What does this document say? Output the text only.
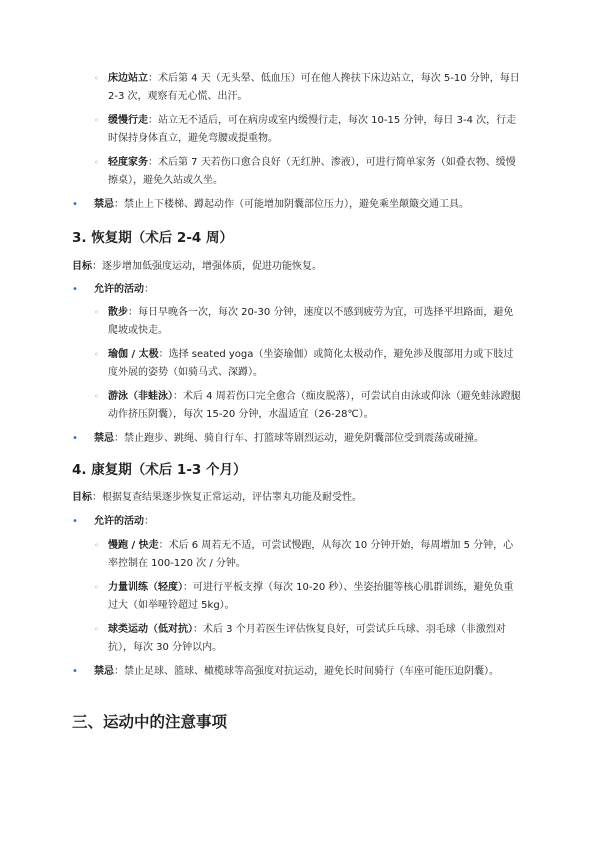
◦ 床边站立：术后第 4 天（无头晕、低血压）可在他人搀扶下床边站立，每次 5-10 分钟，每日 2-3 次，观察有无心慌、出汗。
◦ 缓慢行走：站立无不适后，可在病房或室内缓慢行走，每次 10-15 分钟，每日 3-4 次，行走时保持身体直立，避免弯腰或提重物。
◦ 轻度家务：术后第 7 天若伤口愈合良好（无红肿、渗液），可进行简单家务（如叠衣物、缓慢擦桌），避免久站或久坐。
• 禁忌：禁止上下楼梯、蹲起动作（可能增加阴囊部位压力），避免乘坐颠簸交通工具。
3. 恢复期（术后 2-4 周）
目标：逐步增加低强度运动，增强体质，促进功能恢复。
• 允许的活动：
◦ 散步：每日早晚各一次，每次 20-30 分钟，速度以不感到疲劳为宜，可选择平坦路面，避免爬坡或快走。
◦ 瑜伽 / 太极：选择 seated yoga（坐姿瑜伽）或简化太极动作，避免涉及腹部用力或下肢过度外展的姿势（如骑马式、深蹲）。
◦ 游泳（非蛙泳）：术后 4 周若伤口完全愈合（痂皮脱落），可尝试自由泳或仰泳（避免蛙泳蹬腿动作挤压阴囊），每次 15-20 分钟，水温适宜（26-28℃）。
• 禁忌：禁止跑步、跳绳、骑自行车、打篮球等剧烈运动，避免阴囊部位受到震荡或碰撞。
4. 康复期（术后 1-3 个月）
目标：根据复查结果逐步恢复正常运动，评估睾丸功能及耐受性。
• 允许的活动：
◦ 慢跑 / 快走：术后 6 周若无不适，可尝试慢跑，从每次 10 分钟开始，每周增加 5 分钟，心率控制在 100-120 次 / 分钟。
◦ 力量训练（轻度）：可进行平板支撑（每次 10-20 秒）、坐姿抬腿等核心肌群训练，避免负重过大（如举哑铃超过 5kg）。
◦ 球类运动（低对抗）：术后 3 个月若医生评估恢复良好，可尝试乒乓球、羽毛球（非激烈对抗），每次 30 分钟以内。
• 禁忌：禁止足球、篮球、橄榄球等高强度对抗运动，避免长时间骑行（车座可能压迫阴囊）。
三、运动中的注意事项
